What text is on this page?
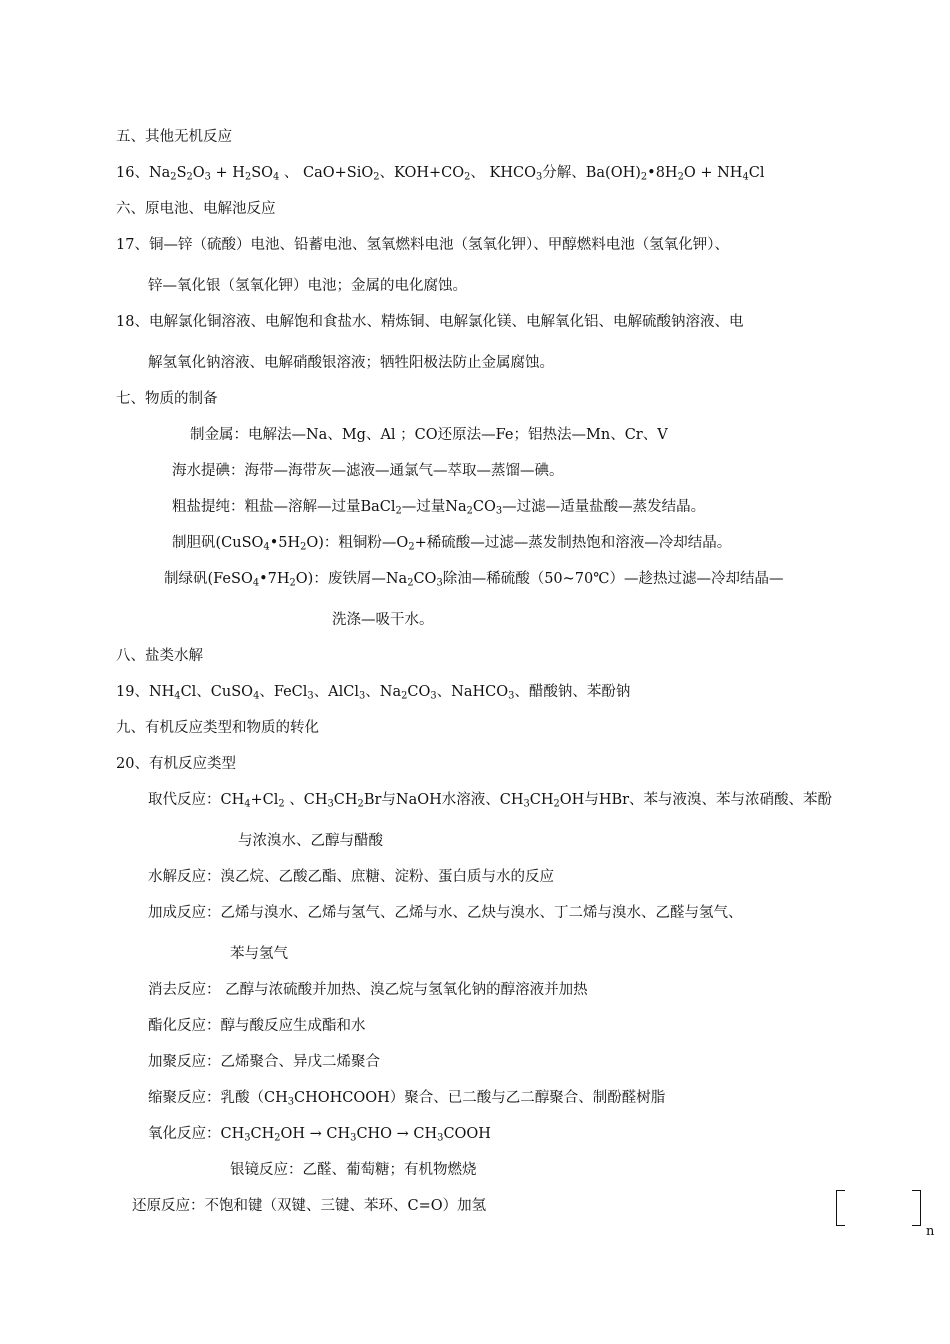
五、其他无机反应
16、$Na_2S_2O_3 + H_2SO_4$ 、 CaO+SiO$_2$、$KOH+CO_2$、 $KHCO_3$分解、$Ba(OH)_2•8H_2O + NH_4Cl$
六、原电池、电解池反应
17、铜—锌（硫酸）电池、铅蓄电池、氢氧燃料电池（氢氧化钾）、甲醇燃料电池（氢氧化钾）、
锌—氧化银（氢氧化钾）电池；金属的电化腐蚀。
18、电解氯化铜溶液、电解饱和食盐水、精炼铜、电解氯化镁、电解氧化铝、电解硫酸钠溶液、电
解氢氧化钠溶液、电解硝酸银溶液；牺牲阳极法防止金属腐蚀。
七、物质的制备
制金属：电解法—Na、Mg、Al ；CO还原法—Fe；铝热法—Mn、Cr、V
海水提碘：海带—海带灰—滤液—通氯气—萃取—蒸馏—碘。
粗盐提纯：粗盐—溶解—过量BaCl$_2$—过量$Na_2CO_3—$过滤—适量盐酸—蒸发结晶。
制胆矾$(CuSO_4•5H_2O)$：粗铜粉$—O_2+$稀硫酸—过滤—蒸发制热饱和溶液—冷却结晶。
制绿矾$(FeSO_4•7H_2O)$：废铁屑$—Na_2CO_3$除油—稀硫酸（50~70℃）—趁热过滤—冷却结晶—
洗涤—吸干水。
八、盐类水解
19、$NH_4Cl$、CuSO$_4$、FeCl$_3$、AlCl$_3$、$Na_2CO_3$、NaHCO$_3$、醋酸钠、苯酚钠
九、有机反应类型和物质的转化
20、有机反应类型
取代反应：$CH_4+Cl_2$ 、$CH_3CH_2Br$与NaOH水溶液、$CH_3CH_2OH$与HBr、苯与液溴、苯与浓硝酸、苯酚
与浓溴水、乙醇与醋酸
水解反应：溴乙烷、乙酸乙酯、庶糖、淀粉、蛋白质与水的反应
加成反应：乙烯与溴水、乙烯与氢气、乙烯与水、乙炔与溴水、丁二烯与溴水、乙醛与氢气、
苯与氢气
消去反应： 乙醇与浓硫酸并加热、溴乙烷与氢氧化钠的醇溶液并加热
酯化反应：醇与酸反应生成酯和水
加聚反应：乙烯聚合、异戊二烯聚合
缩聚反应：乳酸$(CH_3CHOHCOOH)$聚合、已二酸与乙二醇聚合、制酚醛树脂
氧化反应：$CH_3CH_2OH \to CH_3CHO$ → $CH_3COOH$
银镜反应：乙醛、葡萄糖；有机物燃烧
还原反应：不饱和键（双键、三键、苯环、C=O）加氢
n
